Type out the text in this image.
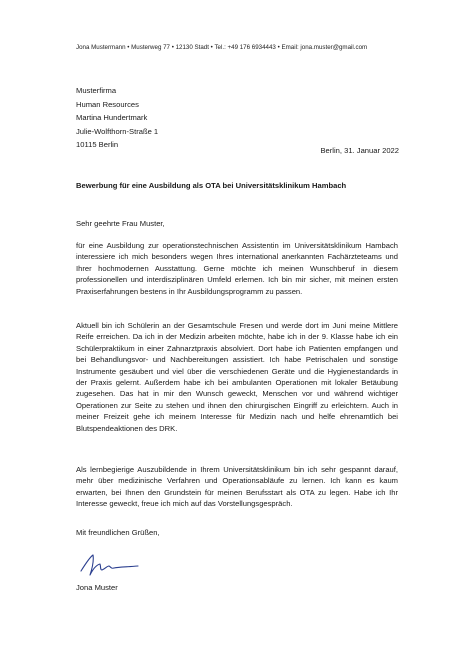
Jona Mustermann • Musterweg 77 • 12130 Stadt • Tel.: +49 176 6934443 • Email: jona.muster@gmail.com
Musterfirma
Human Resources
Martina Hundertmark
Julie-Wolfthorn-Straße 1
10115 Berlin
Berlin, 31. Januar 2022
Bewerbung für eine Ausbildung als OTA bei Universitätsklinikum Hambach
Sehr geehrte Frau Muster,
für eine Ausbildung zur operationstechnischen Assistentin im Universitätsklinikum Hambach interessiere ich mich besonders wegen Ihres international anerkannten Fachärzteteams und Ihrer hochmodernen Ausstattung. Gerne möchte ich meinen Wunschberuf in diesem professionellen und interdisziplinären Umfeld erlernen. Ich bin mir sicher, mit meinen ersten Praxiserfahrungen bestens in Ihr Ausbildungsprogramm zu passen.
Aktuell bin ich Schülerin an der Gesamtschule Fresen und werde dort im Juni meine Mittlere Reife erreichen. Da ich in der Medizin arbeiten möchte, habe ich in der 9. Klasse habe ich ein Schülerpraktikum in einer Zahnarztpraxis absolviert. Dort habe ich Patienten empfangen und bei Behandlungsvor- und Nachbereitungen assistiert. Ich habe Petrischalen und sonstige Instrumente gesäubert und viel über die verschiedenen Geräte und die Hygienestandards in der Praxis gelernt. Außerdem habe ich bei ambulanten Operationen mit lokaler Betäubung zugesehen. Das hat in mir den Wunsch geweckt, Menschen vor und während wichtiger Operationen zur Seite zu stehen und ihnen den chirurgischen Eingriff zu erleichtern. Auch in meiner Freizeit gehe ich meinem Interesse für Medizin nach und helfe ehrenamtlich bei Blutspendeaktionen des DRK.
Als lernbegierige Auszubildende in Ihrem Universitätsklinikum bin ich sehr gespannt darauf, mehr über medizinische Verfahren und Operationsabläufe zu lernen. Ich kann es kaum erwarten, bei Ihnen den Grundstein für meinen Berufsstart als OTA zu legen. Habe ich Ihr Interesse geweckt, freue ich mich auf das Vorstellungsgespräch.
Mit freundlichen Grüßen,
Jona Muster
